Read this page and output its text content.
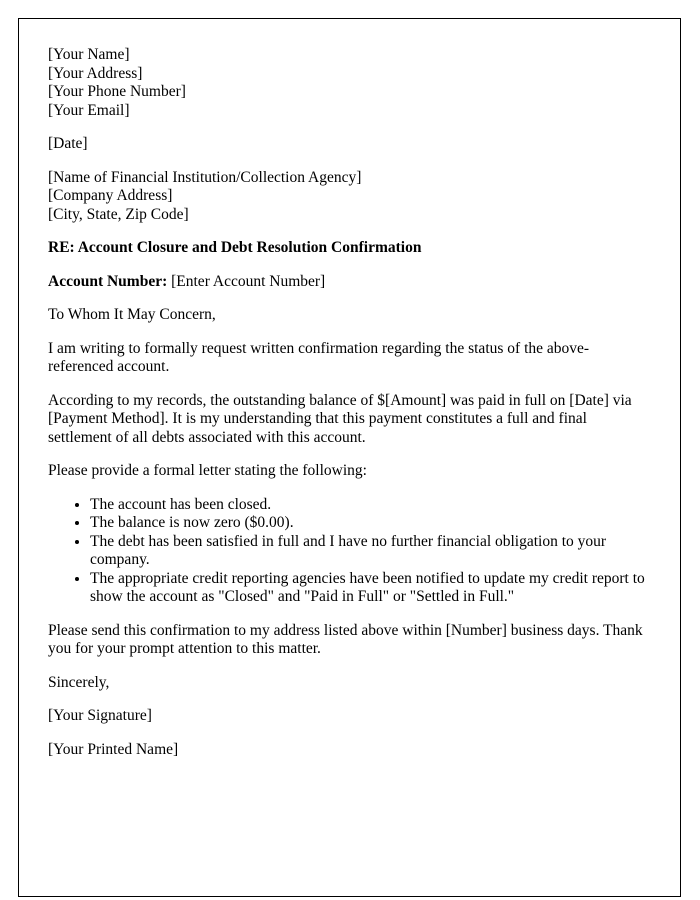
[Your Name]

[Your Address]

[Your Phone Number]

[Your Email]

[Date]

[Name of Financial Institution/Collection Agency]

[Company Address]

[City, State, Zip Code]

RE: Account Closure and Debt Resolution Confirmation

Account Number: [Enter Account Number]

To Whom It May Concern,

I am writing to formally request written confirmation regarding the status of the above-referenced account.

According to my records, the outstanding balance of $[Amount] was paid in full on [Date] via [Payment Method]. It is my understanding that this payment constitutes a full and final settlement of all debts associated with this account.

Please provide a formal letter stating the following:

• The account has been closed.
• The balance is now zero ($0.00).
• The debt has been satisfied in full and I have no further financial obligation to your company.
• The appropriate credit reporting agencies have been notified to update my credit report to show the account as "Closed" and "Paid in Full" or "Settled in Full."

Please send this confirmation to my address listed above within [Number] business days. Thank you for your prompt attention to this matter.

Sincerely,

[Your Signature]

[Your Printed Name]
